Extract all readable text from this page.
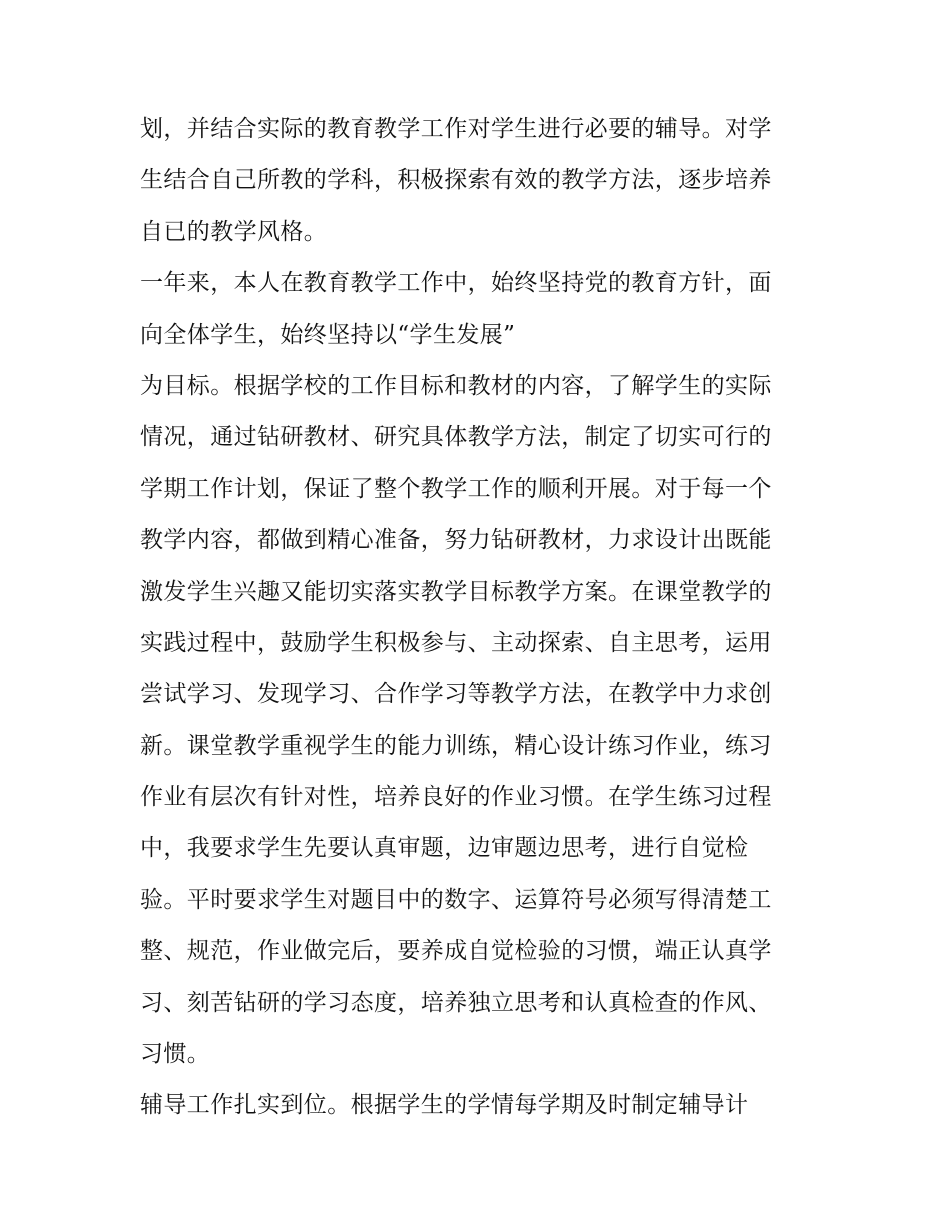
划，并结合实际的教育教学工作对学生进行必要的辅导。对学
生结合自己所教的学科，积极探索有效的教学方法，逐步培养
自已的教学风格。
一年来，本人在教育教学工作中，始终坚持党的教育方针，面
向全体学生，始终坚持以“学生发展”
为目标。根据学校的工作目标和教材的内容，了解学生的实际
情况，通过钻研教材、研究具体教学方法，制定了切实可行的
学期工作计划，保证了整个教学工作的顺利开展。对于每一个
教学内容，都做到精心准备，努力钻研教材，力求设计出既能
激发学生兴趣又能切实落实教学目标教学方案。在课堂教学的
实践过程中，鼓励学生积极参与、主动探索、自主思考，运用
尝试学习、发现学习、合作学习等教学方法，在教学中力求创
新。课堂教学重视学生的能力训练，精心设计练习作业，练习
作业有层次有针对性，培养良好的作业习惯。在学生练习过程
中，我要求学生先要认真审题，边审题边思考，进行自觉检
验。平时要求学生对题目中的数字、运算符号必须写得清楚工
整、规范，作业做完后，要养成自觉检验的习惯，端正认真学
习、刻苦钻研的学习态度，培养独立思考和认真检查的作风、
习惯。
辅导工作扎实到位。根据学生的学情每学期及时制定辅导计
